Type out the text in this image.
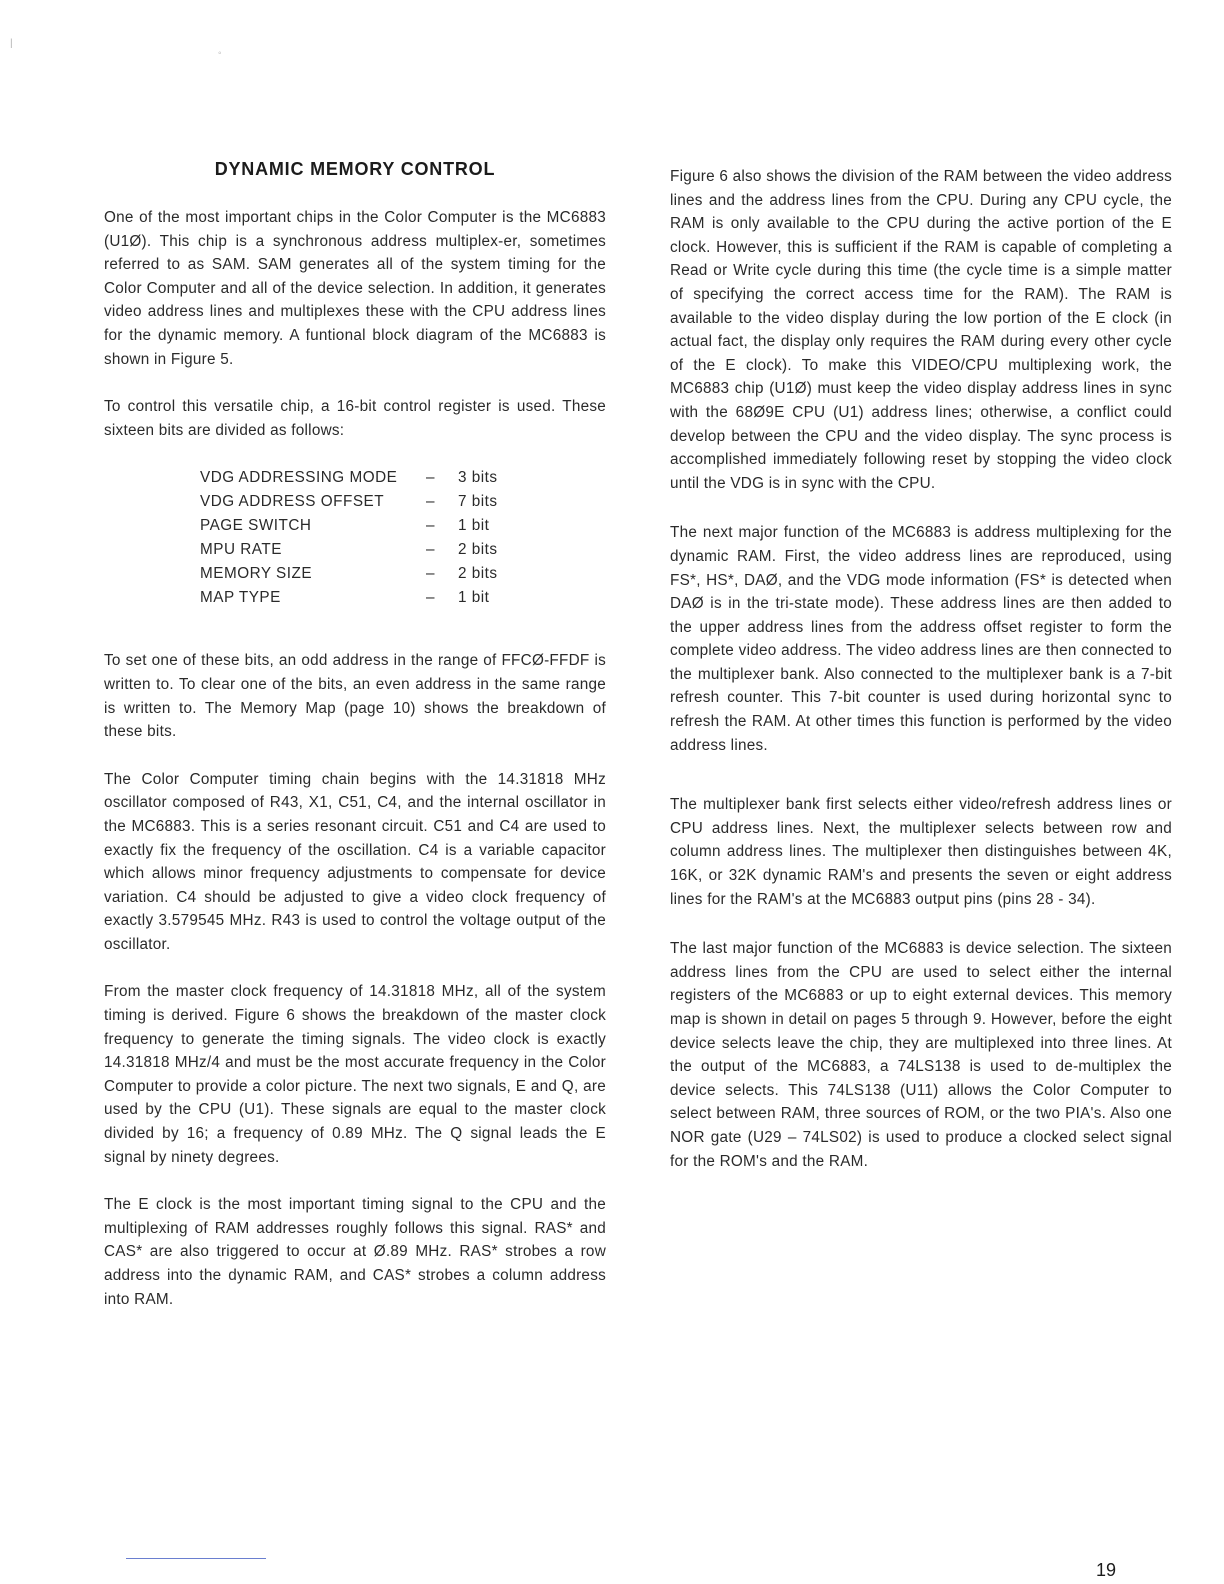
|
◦
DYNAMIC MEMORY CONTROL

One of the most important chips in the Color Computer is the MC6883 (U1Ø). This chip is a synchronous address multiplex-er, sometimes referred to as SAM. SAM generates all of the system timing for the Color Computer and all of the device selection. In addition, it generates video address lines and multiplexes these with the CPU address lines for the dynamic memory. A funtional block diagram of the MC6883 is shown in Figure 5.

To control this versatile chip, a 16-bit control register is used. These sixteen bits are divided as follows:

VDG ADDRESSING MODE	–	3 bits
VDG ADDRESS OFFSET	–	7 bits
PAGE SWITCH	–	1 bit
MPU RATE	–	2 bits
MEMORY SIZE	–	2 bits
MAP TYPE	–	1 bit

To set one of these bits, an odd address in the range of FFCØ-FFDF is written to. To clear one of the bits, an even address in the same range is written to. The Memory Map (page 10) shows the breakdown of these bits.

The Color Computer timing chain begins with the 14.31818 MHz oscillator composed of R43, X1, C51, C4, and the internal oscillator in the MC6883. This is a series resonant circuit. C51 and C4 are used to exactly fix the frequency of the oscillation. C4 is a variable capacitor which allows minor frequency adjustments to compensate for device variation. C4 should be adjusted to give a video clock frequency of exactly 3.579545 MHz. R43 is used to control the voltage output of the oscillator.

From the master clock frequency of 14.31818 MHz, all of the system timing is derived. Figure 6 shows the breakdown of the master clock frequency to generate the timing signals. The video clock is exactly 14.31818 MHz/4 and must be the most accurate frequency in the Color Computer to provide a color picture. The next two signals, E and Q, are used by the CPU (U1). These signals are equal to the master clock divided by 16; a frequency of 0.89 MHz. The Q signal leads the E signal by ninety degrees.

The E clock is the most important timing signal to the CPU and the multiplexing of RAM addresses roughly follows this signal. RAS* and CAS* are also triggered to occur at Ø.89 MHz. RAS* strobes a row address into the dynamic RAM, and CAS* strobes a column address into RAM.

Figure 6 also shows the division of the RAM between the video address lines and the address lines from the CPU. During any CPU cycle, the RAM is only available to the CPU during the active portion of the E clock. However, this is sufficient if the RAM is capable of completing a Read or Write cycle during this time (the cycle time is a simple matter of specifying the correct access time for the RAM). The RAM is available to the video display during the low portion of the E clock (in actual fact, the display only requires the RAM during every other cycle of the E clock). To make this VIDEO/CPU multiplexing work, the MC6883 chip (U1Ø) must keep the video display address lines in sync with the 68Ø9E CPU (U1) address lines; otherwise, a conflict could develop between the CPU and the video display. The sync process is accomplished immediately following reset by stopping the video clock until the VDG is in sync with the CPU.

The next major function of the MC6883 is address multiplexing for the dynamic RAM. First, the video address lines are reproduced, using FS*, HS*, DAØ, and the VDG mode information (FS* is detected when DAØ is in the tri-state mode). These address lines are then added to the upper address lines from the address offset register to form the complete video address. The video address lines are then connected to the multiplexer bank. Also connected to the multiplexer bank is a 7-bit refresh counter. This 7-bit counter is used during horizontal sync to refresh the RAM. At other times this function is performed by the video address lines.

The multiplexer bank first selects either video/refresh address lines or CPU address lines. Next, the multiplexer selects between row and column address lines. The multiplexer then distinguishes between 4K, 16K, or 32K dynamic RAM's and presents the seven or eight address lines for the RAM's at the MC6883 output pins (pins 28 - 34).

The last major function of the MC6883 is device selection. The sixteen address lines from the CPU are used to select either the internal registers of the MC6883 or up to eight external devices. This memory map is shown in detail on pages 5 through 9. However, before the eight device selects leave the chip, they are multiplexed into three lines. At the output of the MC6883, a 74LS138 is used to de-multiplex the device selects. This 74LS138 (U11) allows the Color Computer to select between RAM, three sources of ROM, or the two PIA's. Also one NOR gate (U29 – 74LS02) is used to produce a clocked select signal for the ROM's and the RAM.

19
